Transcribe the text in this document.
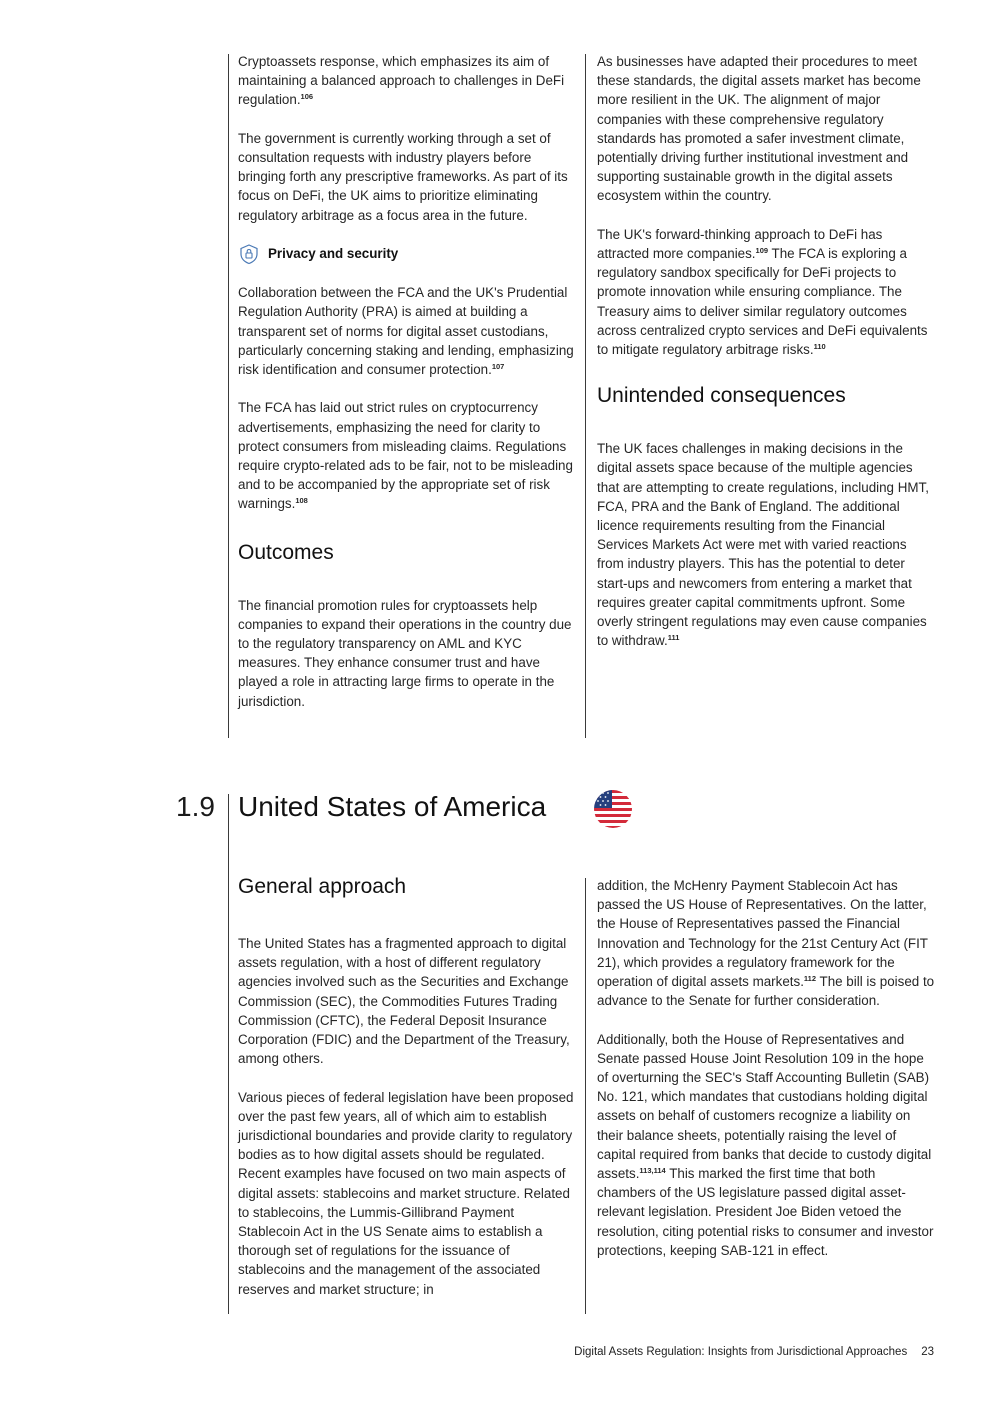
Cryptoassets response, which emphasizes its aim of maintaining a balanced approach to challenges in DeFi regulation.$^{106}$

The government is currently working through a set of consultation requests with industry players before bringing forth any prescriptive frameworks. As part of its focus on DeFi, the UK aims to prioritize eliminating regulatory arbitrage as a focus area in the future.

Privacy and security

Collaboration between the FCA and the UK's Prudential Regulation Authority (PRA) is aimed at building a transparent set of norms for digital asset custodians, particularly concerning staking and lending, emphasizing risk identification and consumer protection.$^{107}$

The FCA has laid out strict rules on cryptocurrency advertisements, emphasizing the need for clarity to protect consumers from misleading claims. Regulations require crypto-related ads to be fair, not to be misleading and to be accompanied by the appropriate set of risk warnings.$^{108}$

Outcomes

The financial promotion rules for cryptoassets help companies to expand their operations in the country due to the regulatory transparency on AML and KYC measures. They enhance consumer trust and have played a role in attracting large firms to operate in the jurisdiction.

As businesses have adapted their procedures to meet these standards, the digital assets market has become more resilient in the UK. The alignment of major companies with these comprehensive regulatory standards has promoted a safer investment climate, potentially driving further institutional investment and supporting sustainable growth in the digital assets ecosystem within the country.

The UK's forward-thinking approach to DeFi has attracted more companies.$^{109}$ The FCA is exploring a regulatory sandbox specifically for DeFi projects to promote innovation while ensuring compliance. The Treasury aims to deliver similar regulatory outcomes across centralized crypto services and DeFi equivalents to mitigate regulatory arbitrage risks.$^{110}$

Unintended consequences

The UK faces challenges in making decisions in the digital assets space because of the multiple agencies that are attempting to create regulations, including HMT, FCA, PRA and the Bank of England. The additional licence requirements resulting from the Financial Services Markets Act were met with varied reactions from industry players. This has the potential to deter start-ups and newcomers from entering a market that requires greater capital commitments upfront. Some overly stringent regulations may even cause companies to withdraw.$^{111}$

1.9 United States of America
General approach

The United States has a fragmented approach to digital assets regulation, with a host of different regulatory agencies involved such as the Securities and Exchange Commission (SEC), the Commodities Futures Trading Commission (CFTC), the Federal Deposit Insurance Corporation (FDIC) and the Department of the Treasury, among others.

Various pieces of federal legislation have been proposed over the past few years, all of which aim to establish jurisdictional boundaries and provide clarity to regulatory bodies as to how digital assets should be regulated. Recent examples have focused on two main aspects of digital assets: stablecoins and market structure. Related to stablecoins, the Lummis-Gillibrand Payment Stablecoin Act in the US Senate aims to establish a thorough set of regulations for the issuance of stablecoins and the management of the associated reserves and market structure; in

addition, the McHenry Payment Stablecoin Act has passed the US House of Representatives. On the latter, the House of Representatives passed the Financial Innovation and Technology for the 21st Century Act (FIT 21), which provides a regulatory framework for the operation of digital assets markets.$^{112}$ The bill is poised to advance to the Senate for further consideration.

Additionally, both the House of Representatives and Senate passed House Joint Resolution 109 in the hope of overturning the SEC's Staff Accounting Bulletin (SAB) No. 121, which mandates that custodians holding digital assets on behalf of customers recognize a liability on their balance sheets, potentially raising the level of capital required from banks that decide to custody digital assets.$^{113,114}$ This marked the first time that both chambers of the US legislature passed digital asset-relevant legislation. President Joe Biden vetoed the resolution, citing potential risks to consumer and investor protections, keeping SAB-121 in effect.

Digital Assets Regulation: Insights from Jurisdictional Approaches 23
